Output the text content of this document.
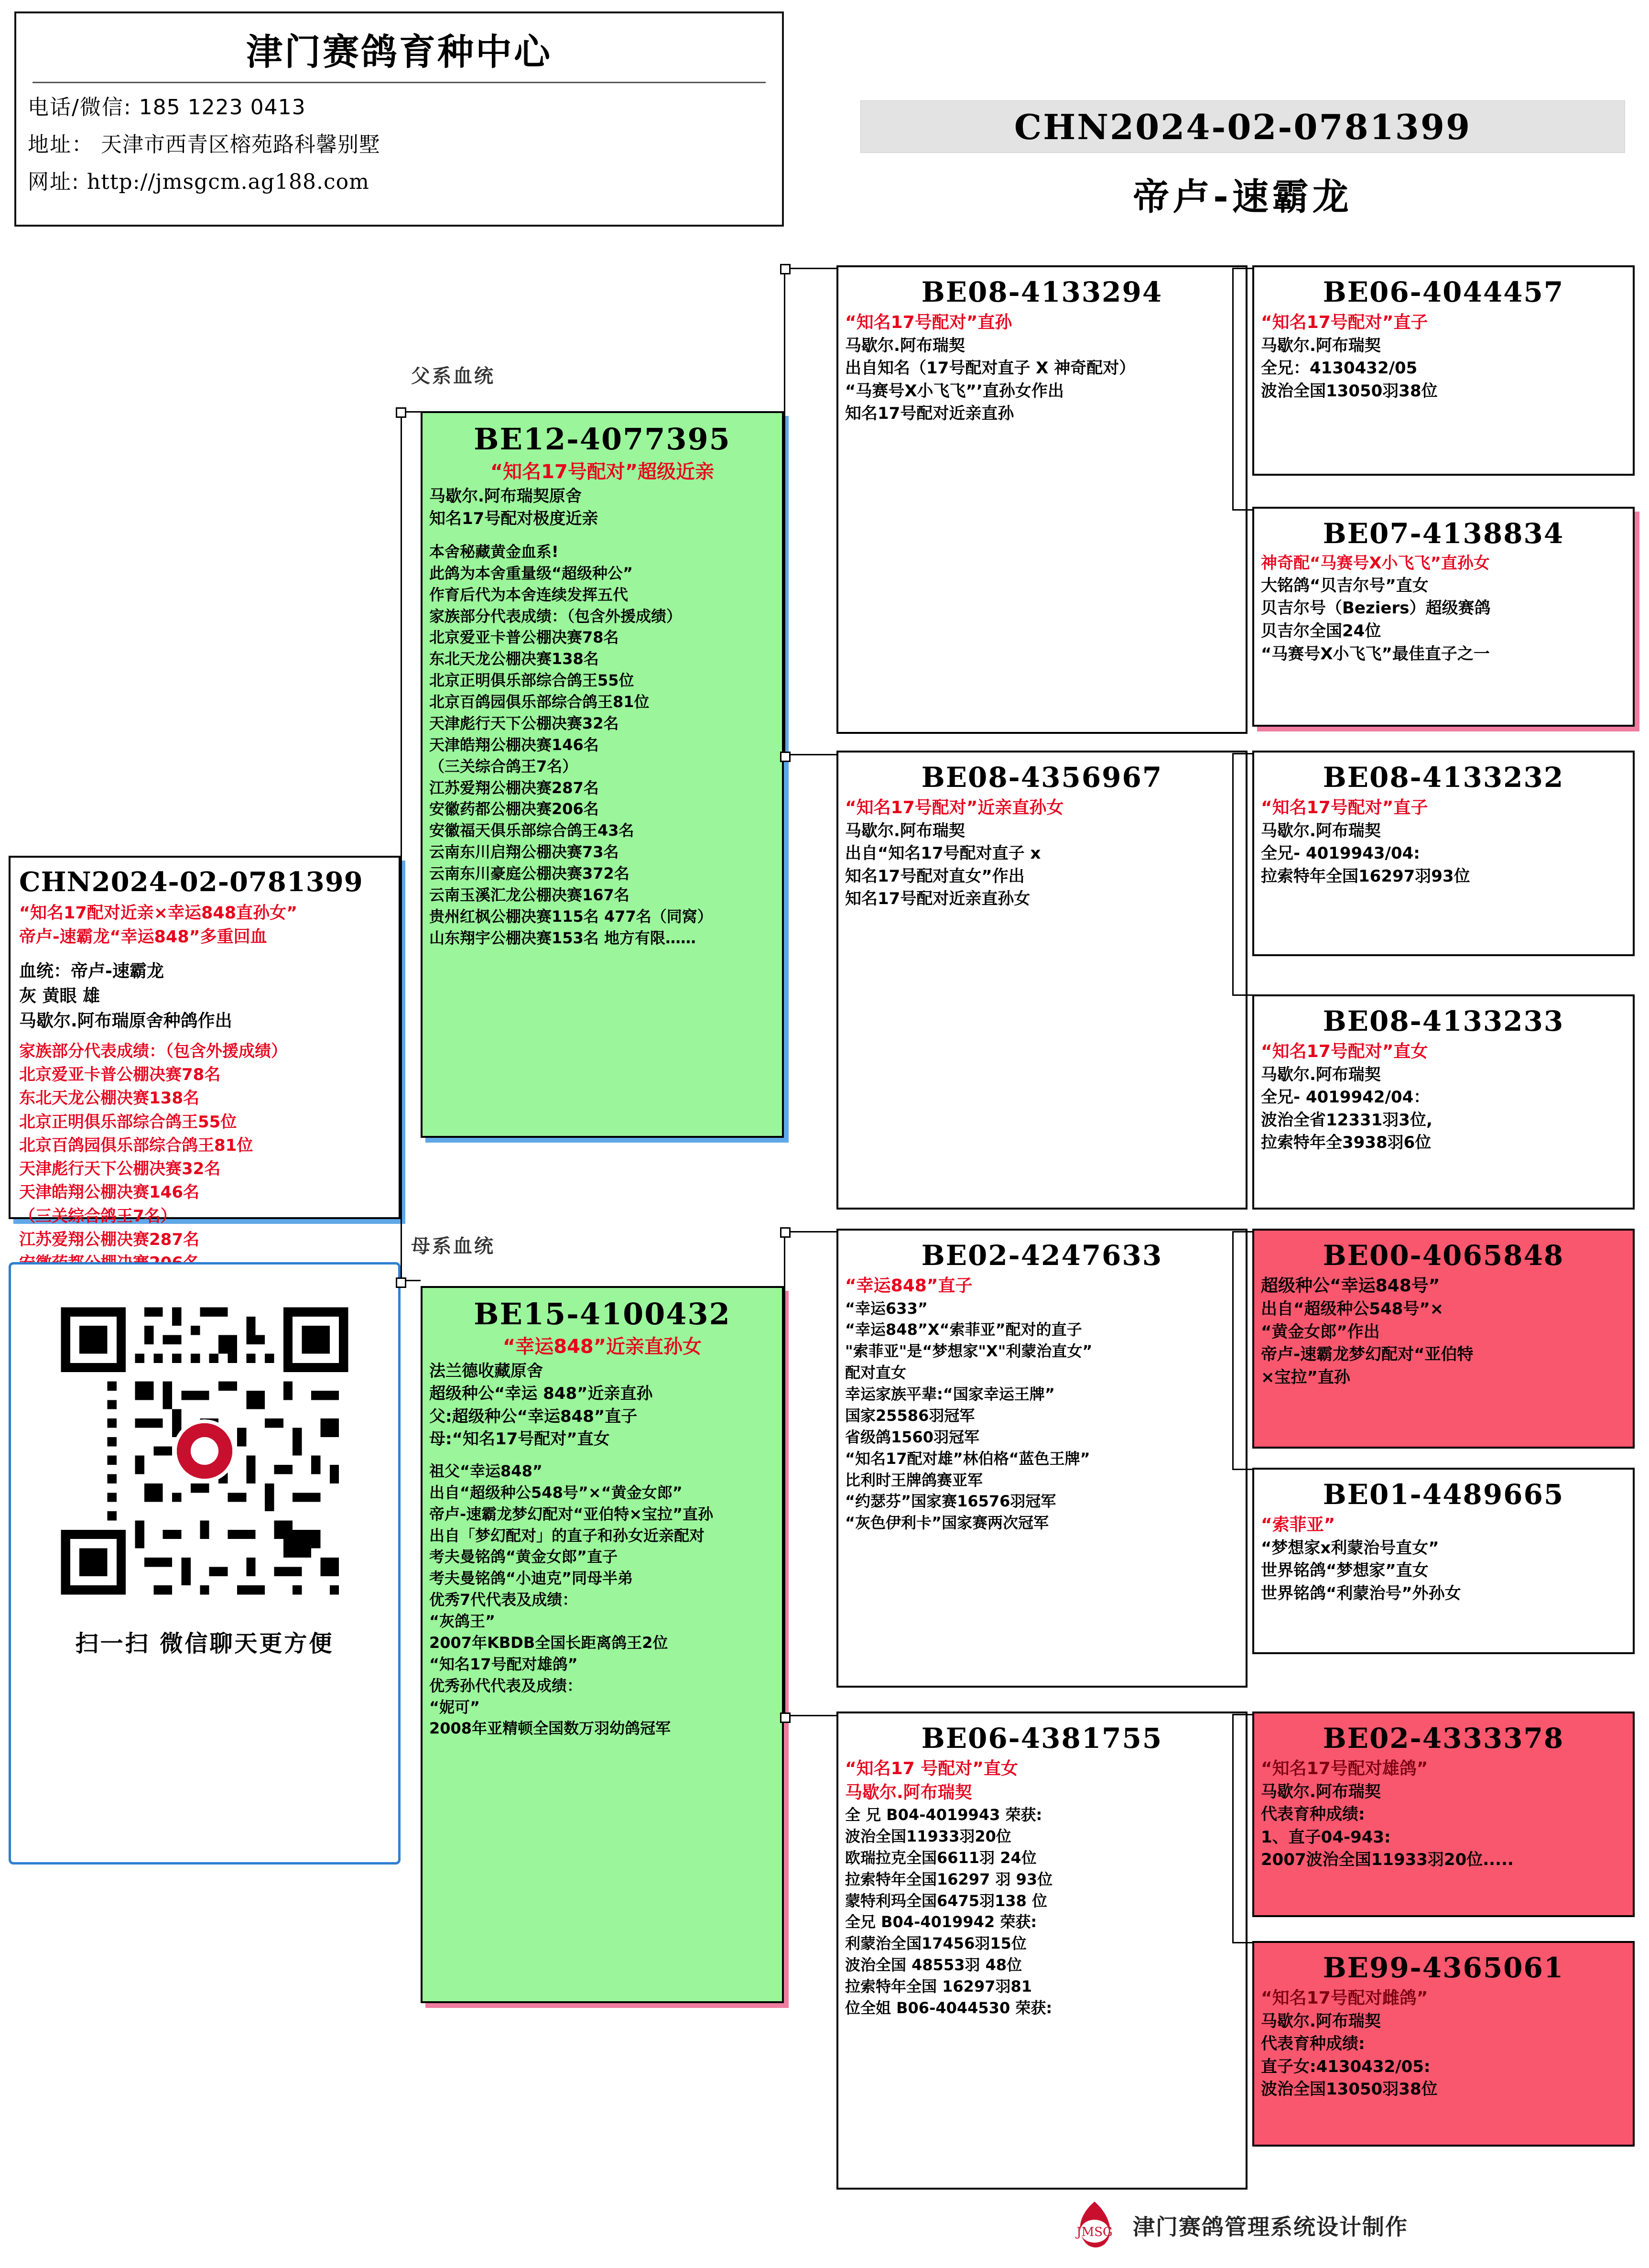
津门赛鸽育种中心
电话/微信: 185 1223 0413
地址： 天津市西青区榕苑路科馨别墅
网址: http://jmsgcm.ag188.com
CHN2024-02-0781399
帝卢-速霸龙
父系血统
母系血统
CHN2024-02-0781399
“知名17配对近亲×幸运848直孙女”
帝卢-速霸龙“幸运848”多重回血
血统：帝卢-速霸龙
灰 黄眼 雄
马歇尔.阿布瑞原舍种鸽作出
家族部分代表成绩：（包含外援成绩）
北京爱亚卡普公棚决赛78名
东北天龙公棚决赛138名
北京正明俱乐部综合鸽王55位
北京百鸽园俱乐部综合鸽王81位
天津彪行天下公棚决赛32名
天津皓翔公棚决赛146名
（三关综合鸽王7名）
江苏爱翔公棚决赛287名
扫一扫 微信聊天更方便
BE12-4077395
“知名17号配对”超级近亲
马歇尔.阿布瑞契原舍
知名17号配对极度近亲
本舍秘藏黄金血系!
此鸽为本舍重量级“超级种公”
作育后代为本舍连续发挥五代
家族部分代表成绩：（包含外援成绩）
北京爱亚卡普公棚决赛78名
东北天龙公棚决赛138名
北京正明俱乐部综合鸽王55位
北京百鸽园俱乐部综合鸽王81位
天津彪行天下公棚决赛32名
天津皓翔公棚决赛146名
（三关综合鸽王7名）
江苏爱翔公棚决赛287名
安徽药都公棚决赛206名
安徽福天俱乐部综合鸽王43名
云南东川启翔公棚决赛73名
云南东川豪庭公棚决赛372名
云南玉溪汇龙公棚决赛167名
贵州红枫公棚决赛115名 477名（同窝）
山东翔宇公棚决赛153名 地方有限……
BE15-4100432
“幸运848”近亲直孙女
法兰德收藏原舍
超级种公“幸运 848”近亲直孙
父:超级种公“幸运848”直子
母:“知名17号配对”直女
祖父“幸运848”
出自“超级种公548号”×“黄金女郎”
帝卢-速霸龙梦幻配对“亚伯特×宝拉”直孙
出自「梦幻配对」的直子和孙女近亲配对
考夫曼铭鸽“黄金女郎”直子
考夫曼铭鸽“小迪克”同母半弟
优秀7代代表及成绩：
“灰鸽王”
2007年KBDB全国长距离鸽王2位
“知名17号配对雄鸽”
优秀孙代代表及成绩：
“妮可”
2008年亚精顿全国数万羽幼鸽冠军
BE08-4133294
“知名17号配对”直孙
马歇尔.阿布瑞契
出自知名（17号配对直子 X 神奇配对）
“马赛号X小飞飞”’直孙女作出
知名17号配对近亲直孙
BE08-4356967
“知名17号配对”近亲直孙女
马歇尔.阿布瑞契
出自“知名17号配对直子 x
知名17号配对直女”作出
知名17号配对近亲直孙女
BE02-4247633
“幸运848”直子
“幸运633”
“幸运848”X“索菲亚”配对的直子
"索菲亚"是“梦想家"X"利蒙治直女”
配对直女
幸运家族平辈:“国家幸运王牌”
国家25586羽冠军
省级鸽1560羽冠军
“知名17配对雄”林伯格“蓝色王牌”
比利时王牌鸽赛亚军
“约瑟芬”国家赛16576羽冠军
“灰色伊利卡”国家赛两次冠军
BE06-4381755
“知名17 号配对”直女
马歇尔.阿布瑞契
全 兄 B04-4019943 荣获:
波治全国11933羽20位
欧瑞拉克全国6611羽 24位
拉索特年全国16297 羽 93位
蒙特利玛全国6475羽138 位
全兄 B04-4019942 荣获:
利蒙治全国17456羽15位
波治全国 48553羽 48位
拉索特年全国 16297羽81
位全姐 B06-4044530 荣获:
BE06-4044457
“知名17号配对”直子
马歇尔.阿布瑞契
全兄：4130432/05
波治全国13050羽38位
BE07-4138834
神奇配“马赛号X小飞飞”直孙女
大铭鸽“贝吉尔号”直女
贝吉尔号（Beziers）超级赛鸽
贝吉尔全国24位
“马赛号X小飞飞”最佳直子之一
BE08-4133232
“知名17号配对”直子
马歇尔.阿布瑞契
全兄- 4019943/04:
拉索特年全国16297羽93位
BE08-4133233
“知名17号配对”直女
马歇尔.阿布瑞契
全兄- 4019942/04：
波治全省12331羽3位,
拉索特年全3938羽6位
BE00-4065848
超级种公“幸运848号”
出自“超级种公548号”×
“黄金女郎”作出
帝卢-速霸龙梦幻配对“亚伯特
×宝拉”直孙
BE01-4489665
“索菲亚”
“梦想家x利蒙治号直女”
世界铭鸽“梦想家”直女
世界铭鸽“利蒙治号”外孙女
BE02-4333378
“知名17号配对雄鸽”
马歇尔.阿布瑞契
代表育种成绩:
1、直子04-943:
2007波治全国11933羽20位.....
BE99-4365061
“知名17号配对雌鸽”
马歇尔.阿布瑞契
代表育种成绩:
直子女:4130432/05:
波治全国13050羽38位
JMSG 津门赛鸽管理系统设计制作
